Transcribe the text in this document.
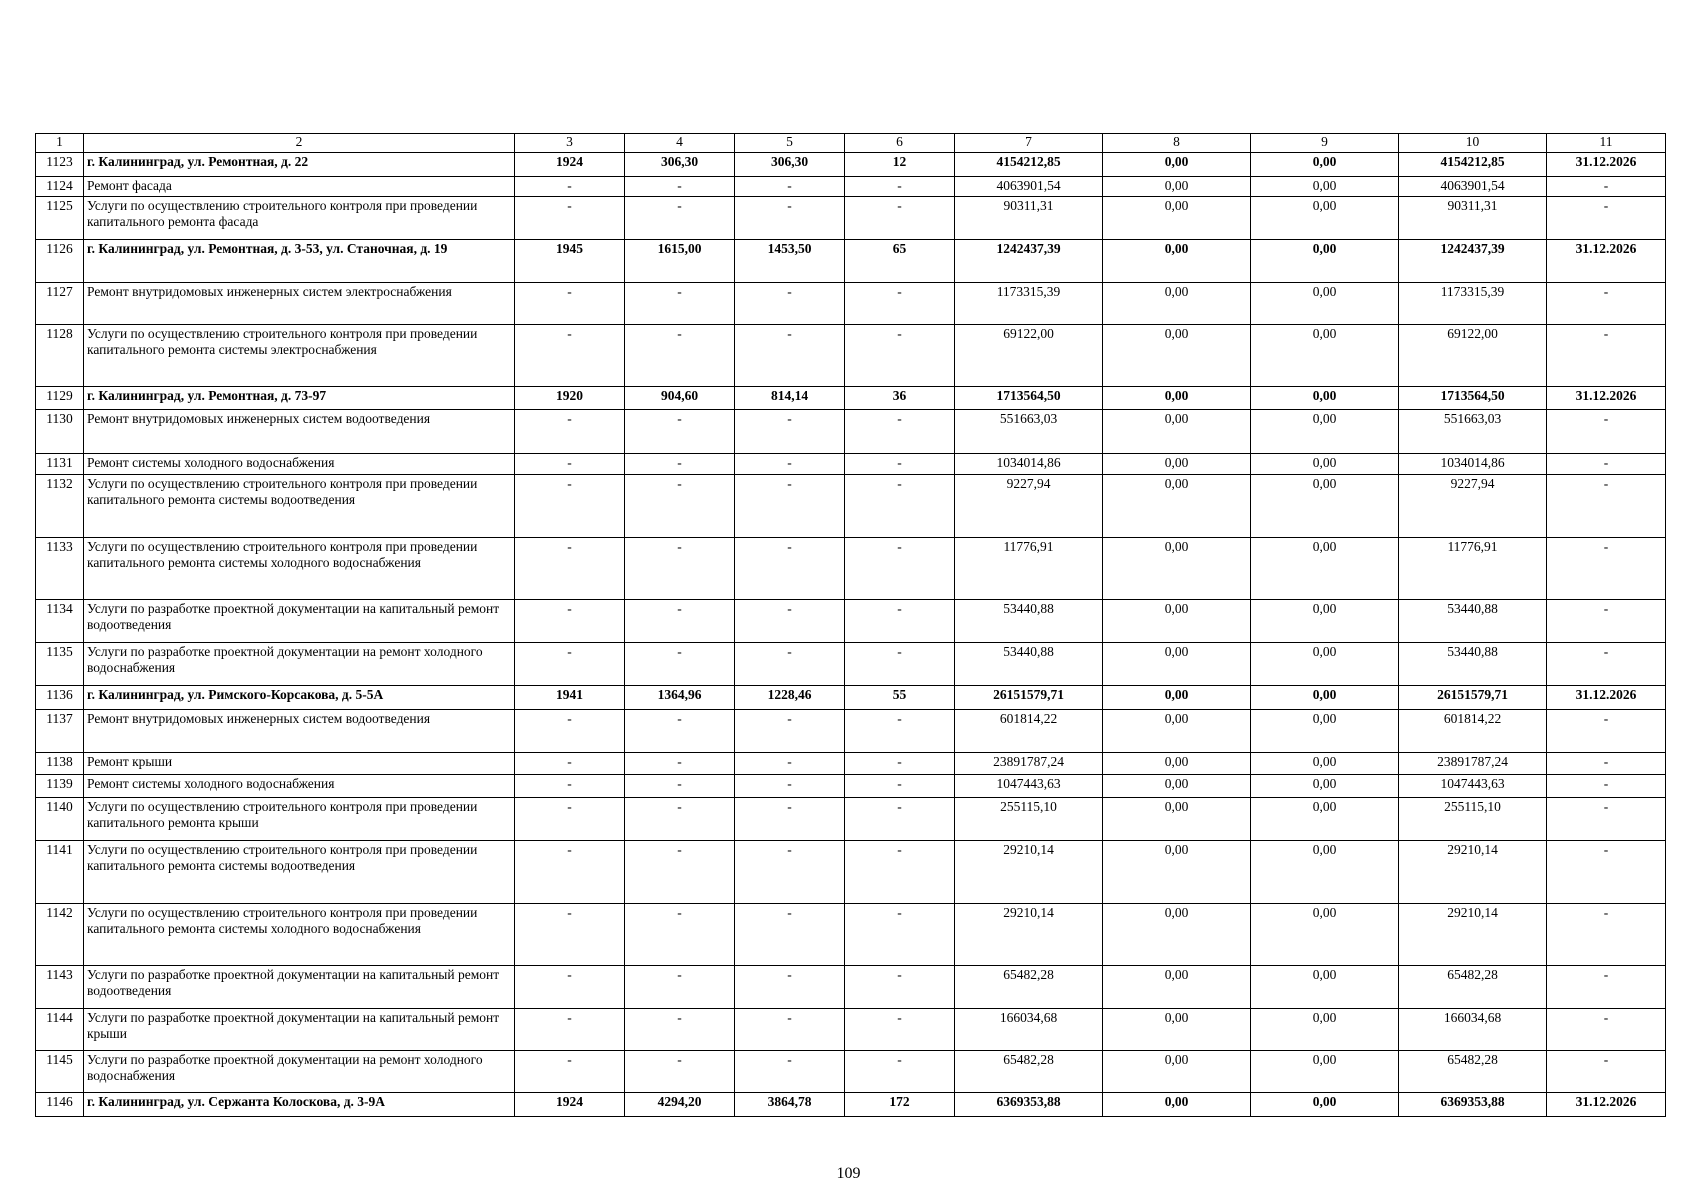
1	2	3	4	5	6	7	8	9	10	11
1123	г. Калининград, ул. Ремонтная, д. 22	1924	306,30	306,30	12	4154212,85	0,00	0,00	4154212,85	31.12.2026
1124	Ремонт фасада	-	-	-	-	4063901,54	0,00	0,00	4063901,54	-
1125	Услуги по осуществлению строительного контроля при проведении капитального ремонта фасада	-	-	-	-	90311,31	0,00	0,00	90311,31	-
1126	г. Калининград, ул. Ремонтная, д. 3-53, ул. Станочная, д. 19	1945	1615,00	1453,50	65	1242437,39	0,00	0,00	1242437,39	31.12.2026
1127	Ремонт внутридомовых инженерных систем электроснабжения	-	-	-	-	1173315,39	0,00	0,00	1173315,39	-
1128	Услуги по осуществлению строительного контроля при проведении капитального ремонта системы электроснабжения	-	-	-	-	69122,00	0,00	0,00	69122,00	-
1129	г. Калининград, ул. Ремонтная, д. 73-97	1920	904,60	814,14	36	1713564,50	0,00	0,00	1713564,50	31.12.2026
1130	Ремонт внутридомовых инженерных систем водоотведения	-	-	-	-	551663,03	0,00	0,00	551663,03	-
1131	Ремонт системы холодного водоснабжения	-	-	-	-	1034014,86	0,00	0,00	1034014,86	-
1132	Услуги по осуществлению строительного контроля при проведении капитального ремонта системы водоотведения	-	-	-	-	9227,94	0,00	0,00	9227,94	-
1133	Услуги по осуществлению строительного контроля при проведении капитального ремонта системы холодного водоснабжения	-	-	-	-	11776,91	0,00	0,00	11776,91	-
1134	Услуги по разработке проектной документации на капитальный ремонт водоотведения	-	-	-	-	53440,88	0,00	0,00	53440,88	-
1135	Услуги по разработке проектной документации на ремонт холодного водоснабжения	-	-	-	-	53440,88	0,00	0,00	53440,88	-
1136	г. Калининград, ул. Римского-Корсакова, д. 5-5А	1941	1364,96	1228,46	55	26151579,71	0,00	0,00	26151579,71	31.12.2026
1137	Ремонт внутридомовых инженерных систем водоотведения	-	-	-	-	601814,22	0,00	0,00	601814,22	-
1138	Ремонт крыши	-	-	-	-	23891787,24	0,00	0,00	23891787,24	-
1139	Ремонт системы холодного водоснабжения	-	-	-	-	1047443,63	0,00	0,00	1047443,63	-
1140	Услуги по осуществлению строительного контроля при проведении капитального ремонта крыши	-	-	-	-	255115,10	0,00	0,00	255115,10	-
1141	Услуги по осуществлению строительного контроля при проведении капитального ремонта системы водоотведения	-	-	-	-	29210,14	0,00	0,00	29210,14	-
1142	Услуги по осуществлению строительного контроля при проведении капитального ремонта системы холодного водоснабжения	-	-	-	-	29210,14	0,00	0,00	29210,14	-
1143	Услуги по разработке проектной документации на капитальный ремонт водоотведения	-	-	-	-	65482,28	0,00	0,00	65482,28	-
1144	Услуги по разработке проектной документации на капитальный ремонт крыши	-	-	-	-	166034,68	0,00	0,00	166034,68	-
1145	Услуги по разработке проектной документации на ремонт холодного водоснабжения	-	-	-	-	65482,28	0,00	0,00	65482,28	-
1146	г. Калининград, ул. Сержанта Колоскова, д. 3-9А	1924	4294,20	3864,78	172	6369353,88	0,00	0,00	6369353,88	31.12.2026
109
